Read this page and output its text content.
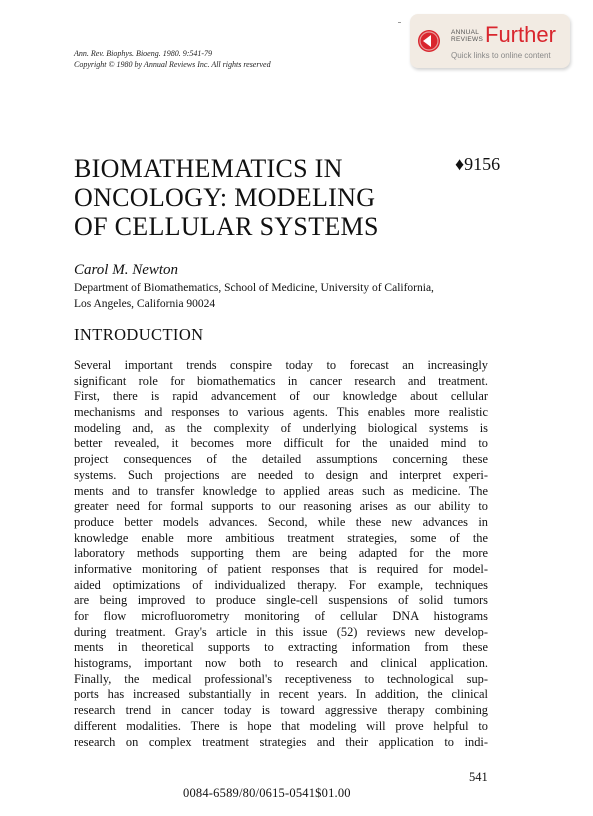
Ann. Rev. Biophys. Bioeng. 1980. 9:541-79
Copyright © 1980 by Annual Reviews Inc. All rights reserved
ANNUAL
REVIEWS Further
Quick links to online content
BIOMATHEMATICS IN
ONCOLOGY: MODELING
OF CELLULAR SYSTEMS
♦9156
Carol M. Newton
Department of Biomathematics, School of Medicine, University of California,
Los Angeles, California 90024
INTRODUCTION
Several important trends conspire today to forecast an increasingly
significant role for biomathematics in cancer research and treatment.
First, there is rapid advancement of our knowledge about cellular
mechanisms and responses to various agents. This enables more realistic
modeling and, as the complexity of underlying biological systems is
better revealed, it becomes more difficult for the unaided mind to
project consequences of the detailed assumptions concerning these
systems. Such projections are needed to design and interpret experi-
ments and to transfer knowledge to applied areas such as medicine. The
greater need for formal supports to our reasoning arises as our ability to
produce better models advances. Second, while these new advances in
knowledge enable more ambitious treatment strategies, some of the
laboratory methods supporting them are being adapted for the more
informative monitoring of patient responses that is required for model-
aided optimizations of individualized therapy. For example, techniques
are being improved to produce single-cell suspensions of solid tumors
for flow microfluorometry monitoring of cellular DNA histograms
during treatment. Gray's article in this issue (52) reviews new develop-
ments in theoretical supports to extracting information from these
histograms, important now both to research and clinical application.
Finally, the medical professional's receptiveness to technological sup-
ports has increased substantially in recent years. In addition, the clinical
research trend in cancer today is toward aggressive therapy combining
different modalities. There is hope that modeling will prove helpful to
research on complex treatment strategies and their application to indi-
541
0084-6589/80/0615-0541$01.00
